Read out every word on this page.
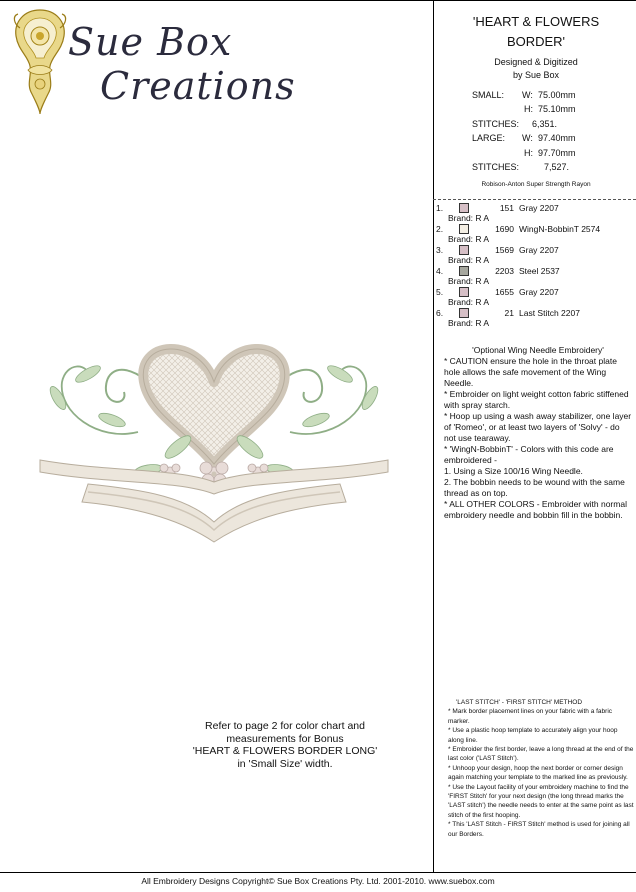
Sue Box
Creations
'HEART & FLOWERS
BORDER'
Designed & Digitized
by Sue Box
SMALL: W: 75.00mm
H: 75.10mm
STITCHES: 6,351.
LARGE: W: 97.40mm
H: 97.70mm
STITCHES:	7,527.
Robison-Anton Super Strength Rayon
1.	151 Gray 2207
Brand: R A
2.	1690 WingN-BobbinT 2574
Brand: R A
3.	1569 Gray 2207
Brand: R A
4.	2203 Steel 2537
Brand: R A
5.	1655 Gray 2207
Brand: R A
6.	21 Last Stitch 2207
Brand: R A

'Optional Wing Needle Embroidery'

* CAUTION ensure the hole in the throat plate hole allows the safe movement of the Wing Needle.

* Embroider on light weight cotton fabric stiffened with spray starch.

* Hoop up using a wash away stabilizer, one layer of 'Romeo', or at least two layers of 'Solvy' - do not use tearaway.

* 'WingN-BobbinT' - Colors with this code are embroidered -

1. Using a Size 100/16 Wing Needle.

2. The bobbin needs to be wound with the same thread as on top.

* ALL OTHER COLORS - Embroider with normal embroidery needle and bobbin fill in the bobbin.

'LAST STITCH' - 'FIRST STITCH' METHOD

* Mark border placement lines on your fabric with a fabric marker.

* Use a plastic hoop template to accurately align your hoop along line.

* Embroider the first border, leave a long thread at the end of the last color ('LAST Stitch').

* Unhoop your design, hoop the next border or corner design again matching your template to the marked line as previously.

* Use the Layout facility of your embroidery machine to find the 'FIRST Stitch' for your next design (the long thread marks the 'LAST stitch') the needle needs to enter at the same point as last stitch of the first hooping.

* This 'LAST Stitch - FIRST Stitch' method is used for joining all our Borders.

Refer to page 2 for color chart and
measurements for Bonus
'HEART & FLOWERS BORDER LONG'
in 'Small Size' width.
All Embroidery Designs Copyright© Sue Box Creations Pty. Ltd. 2001-2010. www.suebox.com
